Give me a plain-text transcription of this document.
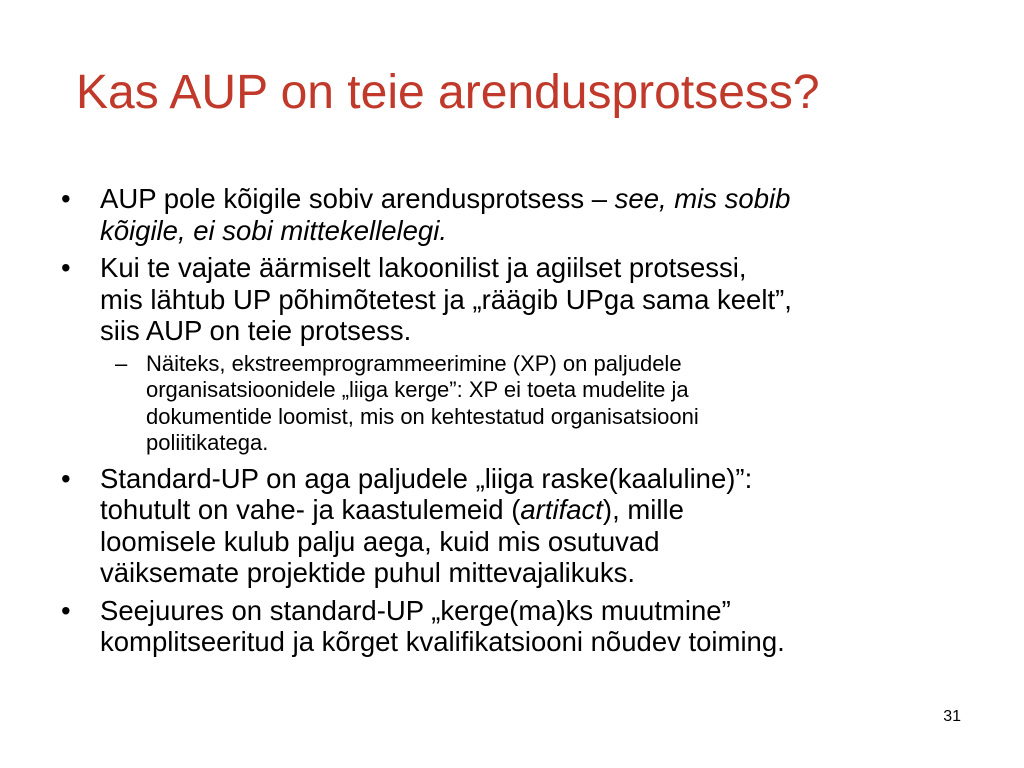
Kas AUP on teie arendusprotsess?
• AUP pole kõigile sobiv arendusprotsess – see, mis sobib
kõigile, ei sobi mittekellelegi.
• Kui te vajate äärmiselt lakoonilist ja agiilset protsessi,
mis lähtub UP põhimõtetest ja „räägib UPga sama keelt”,
siis AUP on teie protsess.
– Näiteks, ekstreemprogrammeerimine (XP) on paljudele
organisatsioonidele „liiga kerge”: XP ei toeta mudelite ja
dokumentide loomist, mis on kehtestatud organisatsiooni
poliitikatega.
• Standard-UP on aga paljudele „liiga raske(kaaluline)”:
tohutult on vahe- ja kaastulemeid (artifact), mille
loomisele kulub palju aega, kuid mis osutuvad
väiksemate projektide puhul mittevajalikuks.
• Seejuures on standard-UP „kerge(ma)ks muutmine”
komplitseeritud ja kõrget kvalifikatsiooni nõudev toiming.
31
